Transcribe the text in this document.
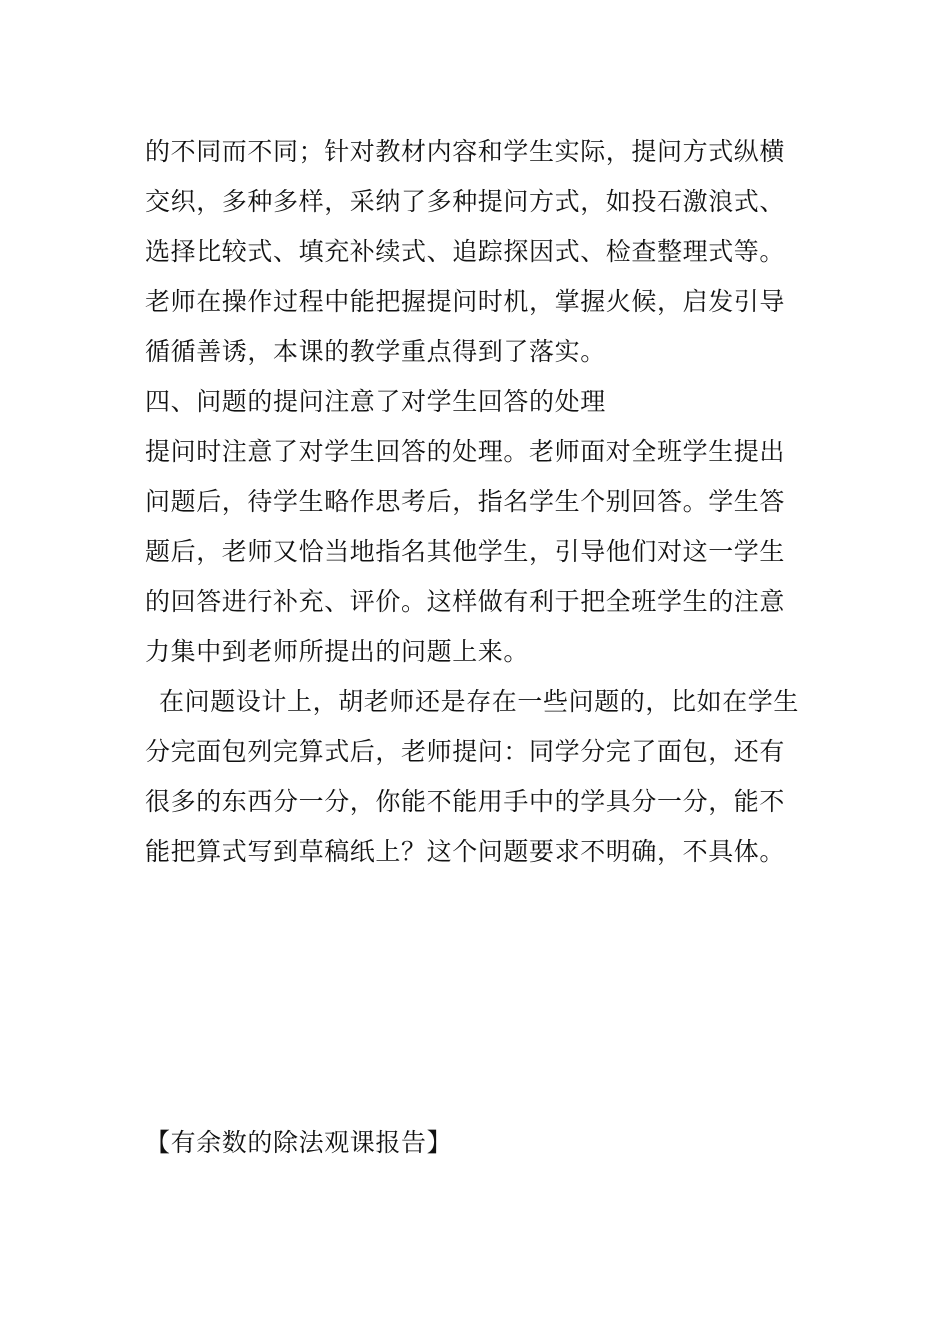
的不同而不同；针对教材内容和学生实际，提问方式纵横
交织，多种多样，采纳了多种提问方式，如投石激浪式、
选择比较式、填充补续式、追踪探因式、检查整理式等。
老师在操作过程中能把握提问时机，掌握火候，启发引导
循循善诱，本课的教学重点得到了落实。
四、问题的提问注意了对学生回答的处理
提问时注意了对学生回答的处理。老师面对全班学生提出
问题后，待学生略作思考后，指名学生个别回答。学生答
题后，老师又恰当地指名其他学生，引导他们对这一学生
的回答进行补充、评价。这样做有利于把全班学生的注意
力集中到老师所提出的问题上来。
在问题设计上，胡老师还是存在一些问题的，比如在学生
分完面包列完算式后，老师提问：同学分完了面包，还有
很多的东西分一分，你能不能用手中的学具分一分，能不
能把算式写到草稿纸上？这个问题要求不明确，不具体。
【有余数的除法观课报告】
